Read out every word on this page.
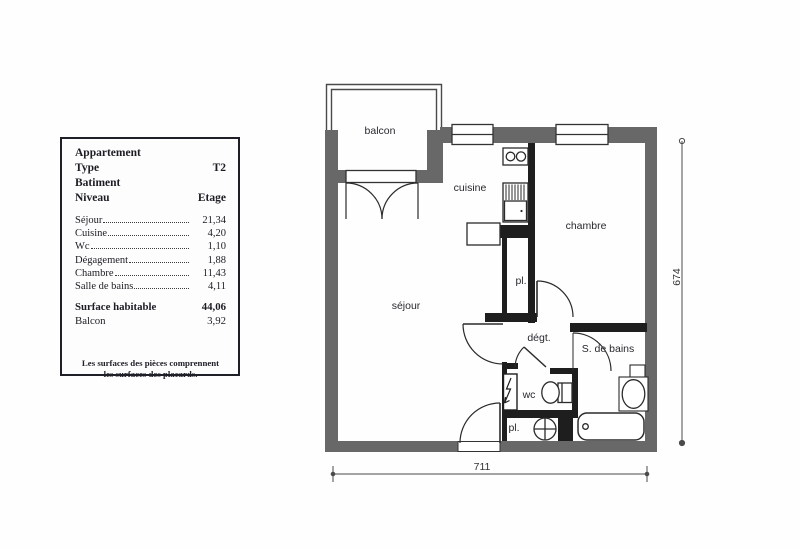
Appartement
Type	T2
Batiment
Niveau	Etage
Séjour	21,34
Cuisine	4,20
Wc	1,10
Dégagement	1,88
Chambre	11,43
Salle de bains	4,11
Surface habitable	44,06
Balcon	3,92
Les surfaces des pièces comprennent
les surfaces des placards.
balcon
cuisine
chambre
séjour
pl.
dégt.
S. de bains
wc
pl.
711
674
